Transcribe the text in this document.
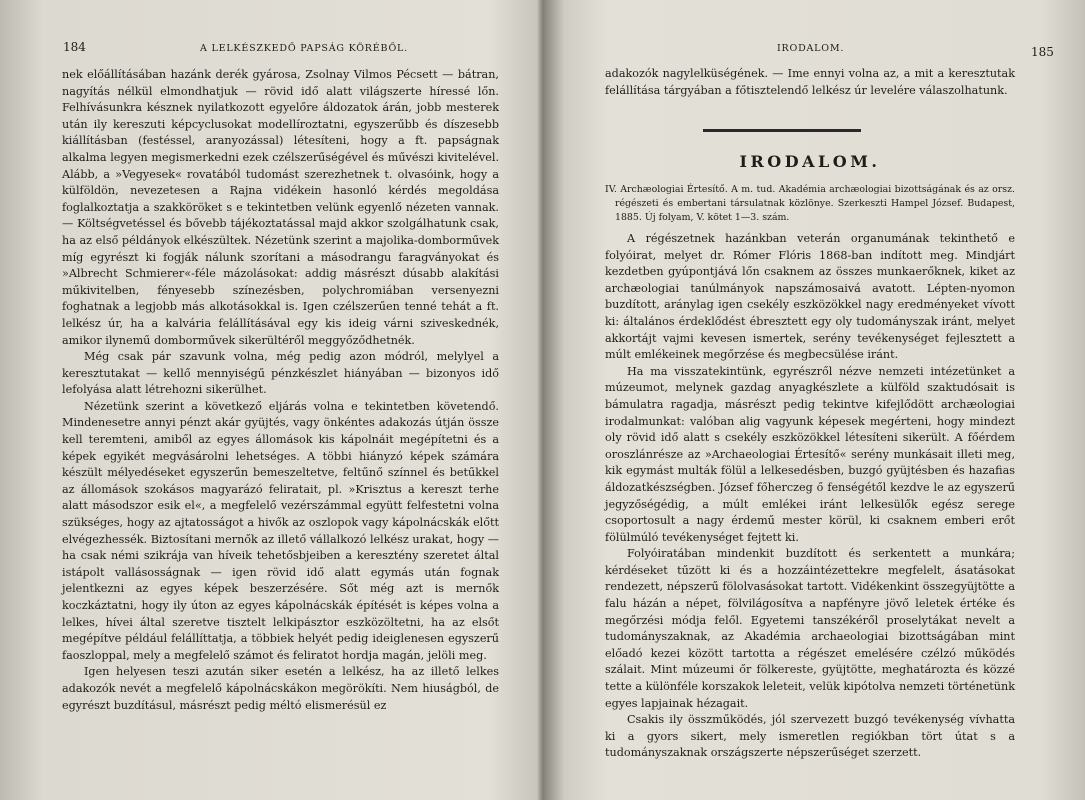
184	A LELKÉSZKEDŐ PAPSÁG KÖRÉBŐL.

nek előállításában hazánk derék gyárosa, Zsolnay Vilmos Pécsett — bátran, nagyítás nélkül elmondhatjuk — rövid idő alatt világszerte híressé lőn. Felhívásunkra késznek nyilatkozott egyelőre áldozatok árán, jobb mesterek után ily kereszuti képcyclusokat modellíroztatni, egyszerűbb és díszesebb kiállításban (festéssel, aranyozással) létesíteni, hogy a ft. papságnak alkalma legyen megismerkedni ezek czélszerűségével és művészi kivitelével. Alább, a »Vegyesek« rovatából tudomást szerezhetnek t. olvasóink, hogy a külföldön, nevezetesen a Rajna vidékein hasonló kérdés megoldása foglalkoztatja a szakköröket s e tekintetben velünk egyenlő nézeten vannak. — Költségvetéssel és bővebb tájékoztatással majd akkor szolgálhatunk csak, ha az első példányok elkészültek. Nézetünk szerint a majolika-domborművek míg egyrészt ki fogják nálunk szorítani a másodrangu faragványokat és »Albrecht Schmierer«-féle mázolásokat: addig másrészt dúsabb alakítási műkivitelben, fényesebb színezésben, polychromiában versenyezni foghatnak a legjobb más alkotásokkal is. Igen czélszerűen tenné tehát a ft. lelkész úr, ha a kalvária felállításával egy kis ideig várni sziveskednék, amikor ilynemű domborművek sikerültéről meggyőződhetnék.

Még csak pár szavunk volna, még pedig azon módról, melylyel a keresztutakat — kellő mennyiségű pénzkészlet hiányában — bizonyos idő lefolyása alatt létrehozni sikerülhet.

Nézetünk szerint a következő eljárás volna e tekintetben követendő. Mindenesetre annyi pénzt akár gyüjtés, vagy önkéntes adakozás útján össze kell teremteni, amiből az egyes állomások kis kápolnáit megépítetni és a képek egyikét megvásárolni lehetséges. A többi hiányzó képek számára készült mélyedéseket egyszerűn bemeszeltetve, feltűnő színnel és betűkkel az állomások szokásos magyarázó feliratait, pl. »Krisztus a kereszt terhe alatt másodszor esik el«, a megfelelő vezérszámmal együtt felfestetni volna szükséges, hogy az ajtatosságot a hivők az oszlopok vagy kápolnácskák előtt elvégezhessék. Biztosítani mernők az illető vállalkozó lelkész urakat, hogy — ha csak némi szikrája van híveik tehetősbjeiben a keresztény szeretet által istápolt vallásosságnak — igen rövid idő alatt egymás után fognak jelentkezni az egyes képek beszerzésére. Sőt még azt is mernők koczkáztatni, hogy ily úton az egyes kápolnácskák építését is képes volna a lelkes, hívei által szeretve tisztelt lelkipásztor eszközöltetni, ha az elsőt megépítve például felállíttatja, a többiek helyét pedig ideiglenesen egyszerű faoszloppal, mely a megfelelő számot és feliratot hordja magán, jelöli meg.

Igen helyesen teszi azután siker esetén a lelkész, ha az illető lelkes adakozók nevét a megfelelő kápolnácskákon megörökíti. Nem hiuságból, de egyrészt buzdításul, másrészt pedig méltó elismerésül ez

IRODALOM.	185

adakozók nagylelküségének. — Ime ennyi volna az, a mit a keresztutak felállítása tárgyában a főtisztelendő lelkész úr levelére válaszolhatunk.

IRODALOM.
IV. Archæologiai Értesítő. A m. tud. Akadémia archæologiai bizottságának és az orsz. régészeti és embertani társulatnak közlönye. Szerkeszti Hampel József. Budapest, 1885. Új folyam, V. kötet 1—3. szám.

A régészetnek hazánkban veterán organumának tekinthető e folyóirat, melyet dr. Rómer Flóris 1868-ban indított meg. Mindjárt kezdetben gyúpontjává lőn csaknem az összes munkaerőknek, kiket az archæologiai tanúlmányok napszámosaivá avatott. Lépten-nyomon buzdított, aránylag igen csekély eszközökkel nagy eredményeket vívott ki: általános érdeklődést ébresztett egy oly tudományszak iránt, melyet akkortájt vajmi kevesen ismertek, serény tevékenységet fejlesztett a múlt emlékeinek megőrzése és megbecsülése iránt.

Ha ma visszatekintünk, egyrészről nézve nemzeti intézetünket a múzeumot, melynek gazdag anyagkészlete a külföld szaktudósait is bámulatra ragadja, másrészt pedig tekintve kifejlődött archæologiai irodalmunkat: valóban alig vagyunk képesek megérteni, hogy mindezt oly rövid idő alatt s csekély eszközökkel létesíteni sikerült. A főérdem oroszlánrésze az »Archaeologiai Értesítő« serény munkásait illeti meg, kik egymást multák fölül a lelkesedésben, buzgó gyüjtésben és hazafias áldozatkészségben. József főherczeg ő fenségétől kezdve le az egyszerű jegyzőségédig, a múlt emlékei iránt lelkesülők egész serege csoportosult a nagy érdemű mester körül, ki csaknem emberi erőt fölülmúló tevékenységet fejtett ki.

Folyóiratában mindenkit buzdított és serkentett a munkára; kérdéseket tűzött ki és a hozzáintézettekre megfelelt, ásatásokat rendezett, népszerű fölolvasásokat tartott. Vidékenkint összegyüjtötte a falu házán a népet, fölvilágosítva a napfényre jövő leletek értéke és megőrzési módja felől. Egyetemi tanszékéről proselytákat nevelt a tudományszaknak, az Akadémia archaeologiai bizottságában mint előadó kezei között tartotta a régészet emelésére czélzó működés szálait. Mint múzeumi őr fölkereste, gyüjtötte, meghatározta és közzé tette a különféle korszakok leleteit, velük kipótolva nemzeti történetünk egyes lapjainak hézagait.

Csakis ily összműködés, jól szervezett buzgó tevékenység vívhatta ki a gyors sikert, mely ismeretlen regiókban tört útat s a tudományszaknak országszerte népszerűséget szerzett.
